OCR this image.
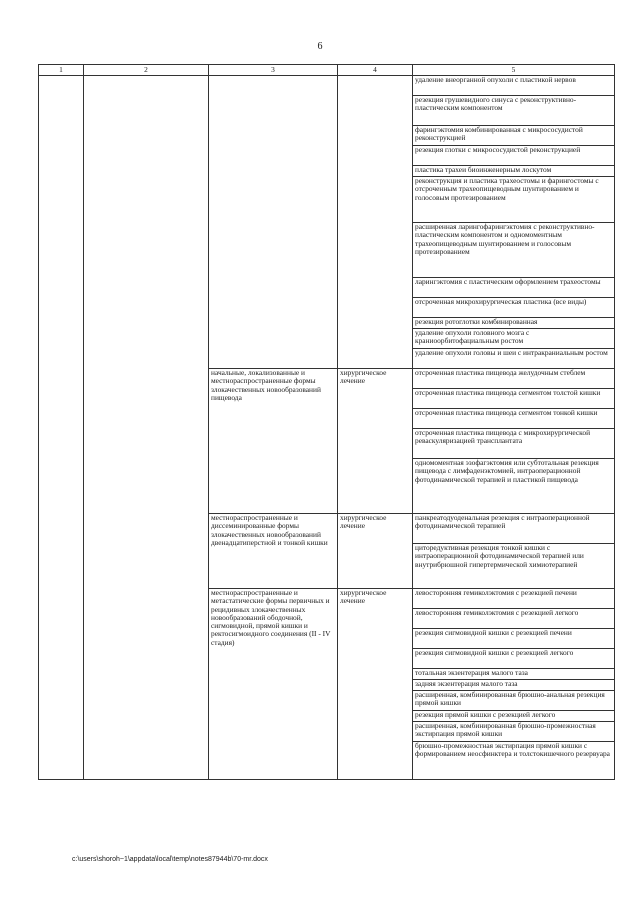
6
1	2	3	4	5
				удаление внеорганной опухоли с пластикой нервов
				резекция грушевидного синуса с реконструктивно-пластическим компонентом
				фарингэктомия комбинированная с микрососудистой реконструкцией
				резекция глотки с микрососудистой реконструкцией
				пластика трахеи биоинженерным лоскутом
				реконструкция и пластика трахеостомы и фарингостомы с отсроченным трахеопищеводным шунтированием и голосовым протезированием
				расширенная ларингофарингэктомия с реконструктивно-пластическим компонентом и одномоментным трахеопищеводным шунтированием и голосовым протезированием
				ларингэктомия с пластическим оформлением трахеостомы
				отсроченная микрохирургическая пластика (все виды)
				резекция ротоглотки комбинированная
				удаление опухоли головного мозга с краниоорбитофациальным ростом
				удаление опухоли головы и шеи с интракраниальным ростом
		начальные, локализованные и местнораспространенные формы злокачественных новообразований пищевода	хирургическое лечение	отсроченная пластика пищевода желудочным стеблем
				отсроченная пластика пищевода сегментом толстой кишки
				отсроченная пластика пищевода сегментом тонкой кишки
				отсроченная пластика пищевода с микрохирургической реваскуляризацией трансплантата
				одномоментная эзофагэктомия или субтотальная резекция пищевода с лимфаденэктомией, интраоперационной фотодинамической терапией и пластикой пищевода
		местнораспространенные и диссеминированные формы злокачественных новообразований двенадцатиперстной и тонкой кишки	хирургическое лечение	панкреатодуоденальная резекция с интраоперационной фотодинамической терапией
				циторедуктивная резекция тонкой кишки с интраоперационной фотодинамической терапией или внутрибрюшной гипертермической химиотерапией
		местнораспространенные и метастатические формы первичных и рецидивных злокачественных новообразований ободочной, сигмовидной, прямой кишки и ректосигмоидного соединения (II - IV стадия)	хирургическое лечение	левосторонняя гемиколэктомия с резекцией печени
				левосторонняя гемиколэктомия с резекцией легкого
				резекция сигмовидной кишки с резекцией печени
				резекция сигмовидной кишки с резекцией легкого
				тотальная экзентерация малого таза
				задняя экзентерация малого таза
				расширенная, комбинированная брюшно-анальная резекция прямой кишки
				резекция прямой кишки с резекцией легкого
				расширенная, комбинированная брюшно-промежностная экстирпация прямой кишки
				брюшно-промежностная экстирпация прямой кишки с формированием неосфинктера и толстокишечного резервуара
c:\users\shoroh~1\appdata\local\temp\notes87944b\70-mr.docx
